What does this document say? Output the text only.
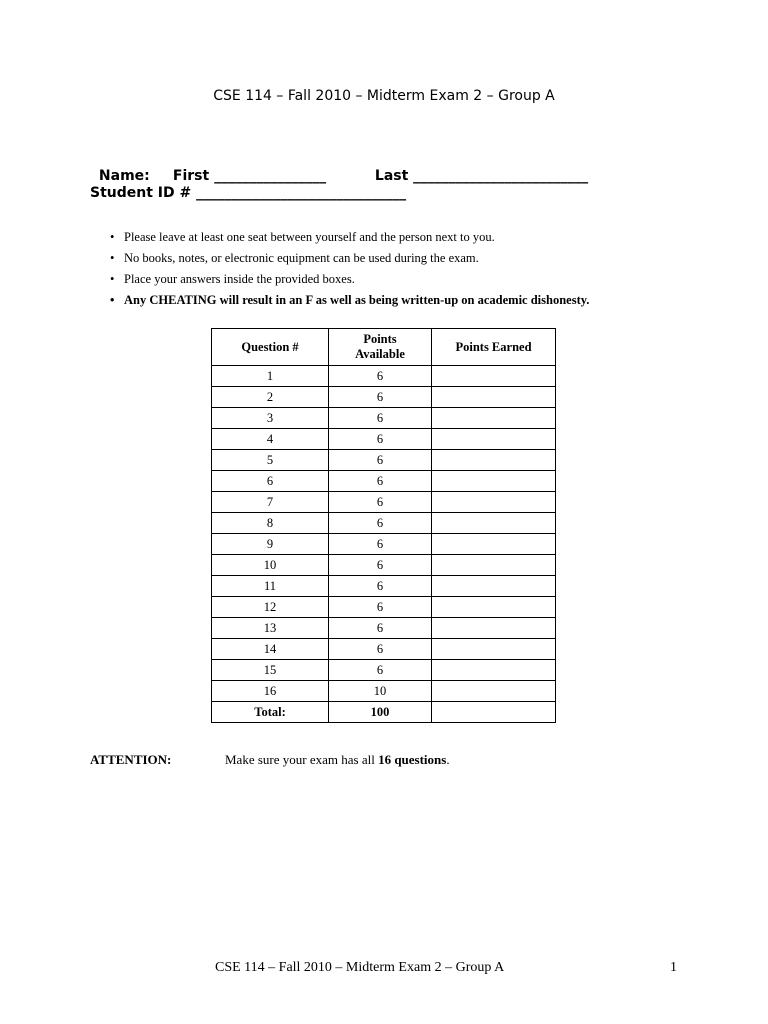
CSE 114 – Fall 2010 – Midterm Exam 2 – Group A

Name: First ________________	Last _________________________

Student ID # ______________________________
• Please leave at least one seat between yourself and the person next to you.
• No books, notes, or electronic equipment can be used during the exam.
• Place your answers inside the provided boxes.
• Any CHEATING will result in an F as well as being written-up on academic dishonesty.
Question #	Points Available	Points Earned
1	6	
2	6	
3	6	
4	6	
5	6	
6	6	
7	6	
8	6	
9	6	
10	6	
11	6	
12	6	
13	6	
14	6	
15	6	
16	10	
Total:	100	
ATTENTION:	Make sure your exam has all 16 questions.
CSE 114 – Fall 2010 – Midterm Exam 2 – Group A	1
